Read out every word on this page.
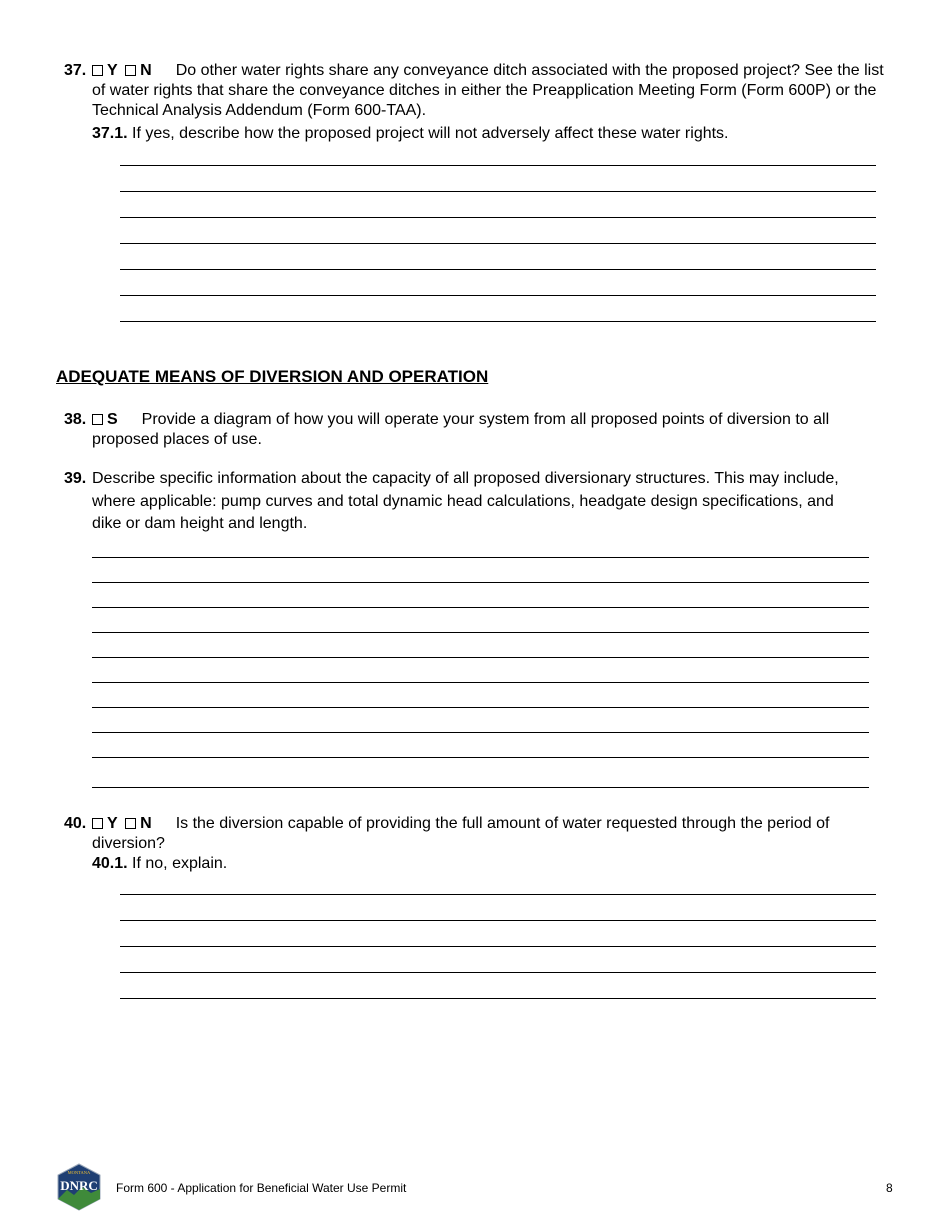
37. Y N Do other water rights share any conveyance ditch associated with the proposed project? See the list of water rights that share the conveyance ditches in either the Preapplication Meeting Form (Form 600P) or the Technical Analysis Addendum (Form 600-TAA).
37.1. If yes, describe how the proposed project will not adversely affect these water rights.
ADEQUATE MEANS OF DIVERSION AND OPERATION
38. S Provide a diagram of how you will operate your system from all proposed points of diversion to all proposed places of use.
39. Describe specific information about the capacity of all proposed diversionary structures. This may include, where applicable: pump curves and total dynamic head calculations, headgate design specifications, and dike or dam height and length.
40. Y N Is the diversion capable of providing the full amount of water requested through the period of diversion?
40.1. If no, explain.
MONTANA
DNRC Form 600 - Application for Beneficial Water Use Permit	8
